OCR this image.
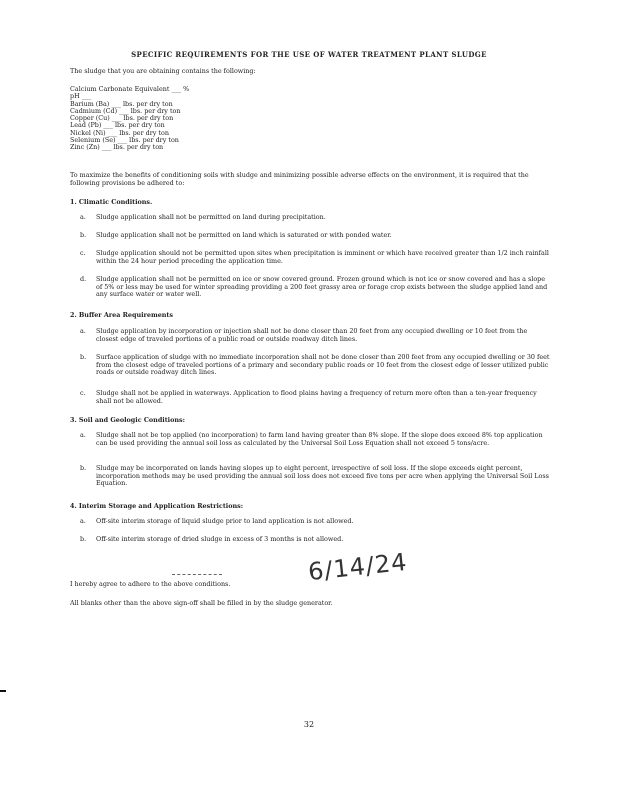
SPECIFIC REQUIREMENTS FOR THE USE OF WATER TREATMENT PLANT SLUDGE
The sludge that you are obtaining contains the following:
Calcium Carbonate Equivalent ___ %
pH ___
Barium (Ba) ___ lbs. per dry ton
Cadmium (Cd) ___ lbs. per dry ton
Copper (Cu) ___ lbs. per dry ton
Lead (Pb) ___ lbs. per dry ton
Nickel (Ni) ___ lbs. per dry ton
Selenium (Se) ___ lbs. per dry ton
Zinc (Zn) ___ lbs. per dry ton
To maximize the benefits of conditioning soils with sludge and minimizing possible adverse effects on the environment, it is required that the following provisions be adhered to:
1. Climatic Conditions.
a.	Sludge application shall not be permitted on land during precipitation.
b.	Sludge application shall not be permitted on land which is saturated or with ponded water.
c.	Sludge application should not be permitted upon sites when precipitation is imminent or which have received greater than 1/2 inch rainfall within the 24 hour period preceding the application time.
d.	Sludge application shall not be permitted on ice or snow covered ground. Frozen ground which is not ice or snow covered and has a slope of 5% or less may be used for winter spreading providing a 200 feet grassy area or forage crop exists between the sludge applied land and any surface water or water well.
2. Buffer Area Requirements
a.	Sludge application by incorporation or injection shall not be done closer than 20 feet from any occupied dwelling or 10 feet from the closest edge of traveled portions of a public road or outside roadway ditch lines.
b.	Surface application of sludge with no immediate incorporation shall not be done closer than 200 feet from any occupied dwelling or 30 feet from the closest edge of traveled portions of a primary and secondary public roads or 10 feet from the closest edge of lesser utilized public roads or outside roadway ditch lines.
c.	Sludge shall not be applied in waterways. Application to flood plains having a frequency of return more often than a ten-year frequency shall not be allowed.
3. Soil and Geologic Conditions:
a.	Sludge shall not be top applied (no incorporation) to farm land having greater than 8% slope. If the slope does exceed 8% top application can be used providing the annual soil loss as calculated by the Universal Soil Loss Equation shall not exceed 5 tons/acre.
b.	Sludge may be incorporated on lands having slopes up to eight percent, irrespective of soil loss. If the slope exceeds eight percent, incorporation methods may be used providing the annual soil loss does not exceed five tons per acre when applying the Universal Soil Loss Equation.
4. Interim Storage and Application Restrictions:
a.	Off-site interim storage of liquid sludge prior to land application is not allowed.
b.	Off-site interim storage of dried sludge in excess of 3 months is not allowed.
6/14/24
I hereby agree to adhere to the above conditions.
All blanks other than the above sign-off shall be filled in by the sludge generator.
32
